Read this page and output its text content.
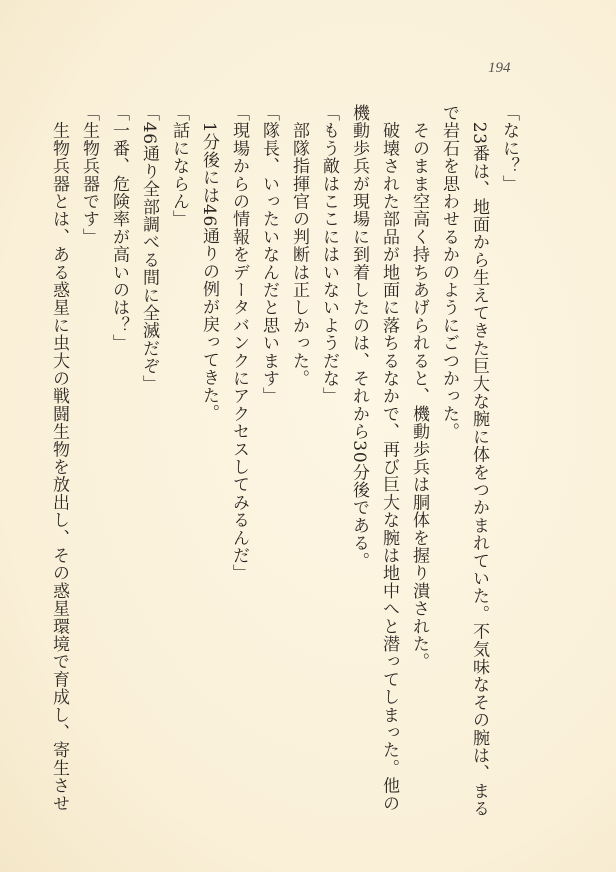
194
「なに？」
　23番は、地面から生えてきた巨大な腕に体をつかまれていた。不気味なその腕は、まる
で岩石を思わせるかのようにごつかった。
　そのまま空高く持ちあげられると、機動歩兵は胴体を握り潰された。
　破壊された部品が地面に落ちるなかで、再び巨大な腕は地中へと潜ってしまった。他の
機動歩兵が現場に到着したのは、それから30分後である。
「もう敵はここにはいないようだな」
　部隊指揮官の判断は正しかった。
「隊長、いったいなんだと思います」
「現場からの情報をデータバンクにアクセスしてみるんだ」
　1分後には46通りの例が戻ってきた。
「話にならん」
「46通り全部調べる間に全滅だぞ」
「一番、危険率が高いのは？」
「生物兵器です」
　生物兵器とは、ある惑星に虫大の戦闘生物を放出し、その惑星環境で育成し、寄生させ
